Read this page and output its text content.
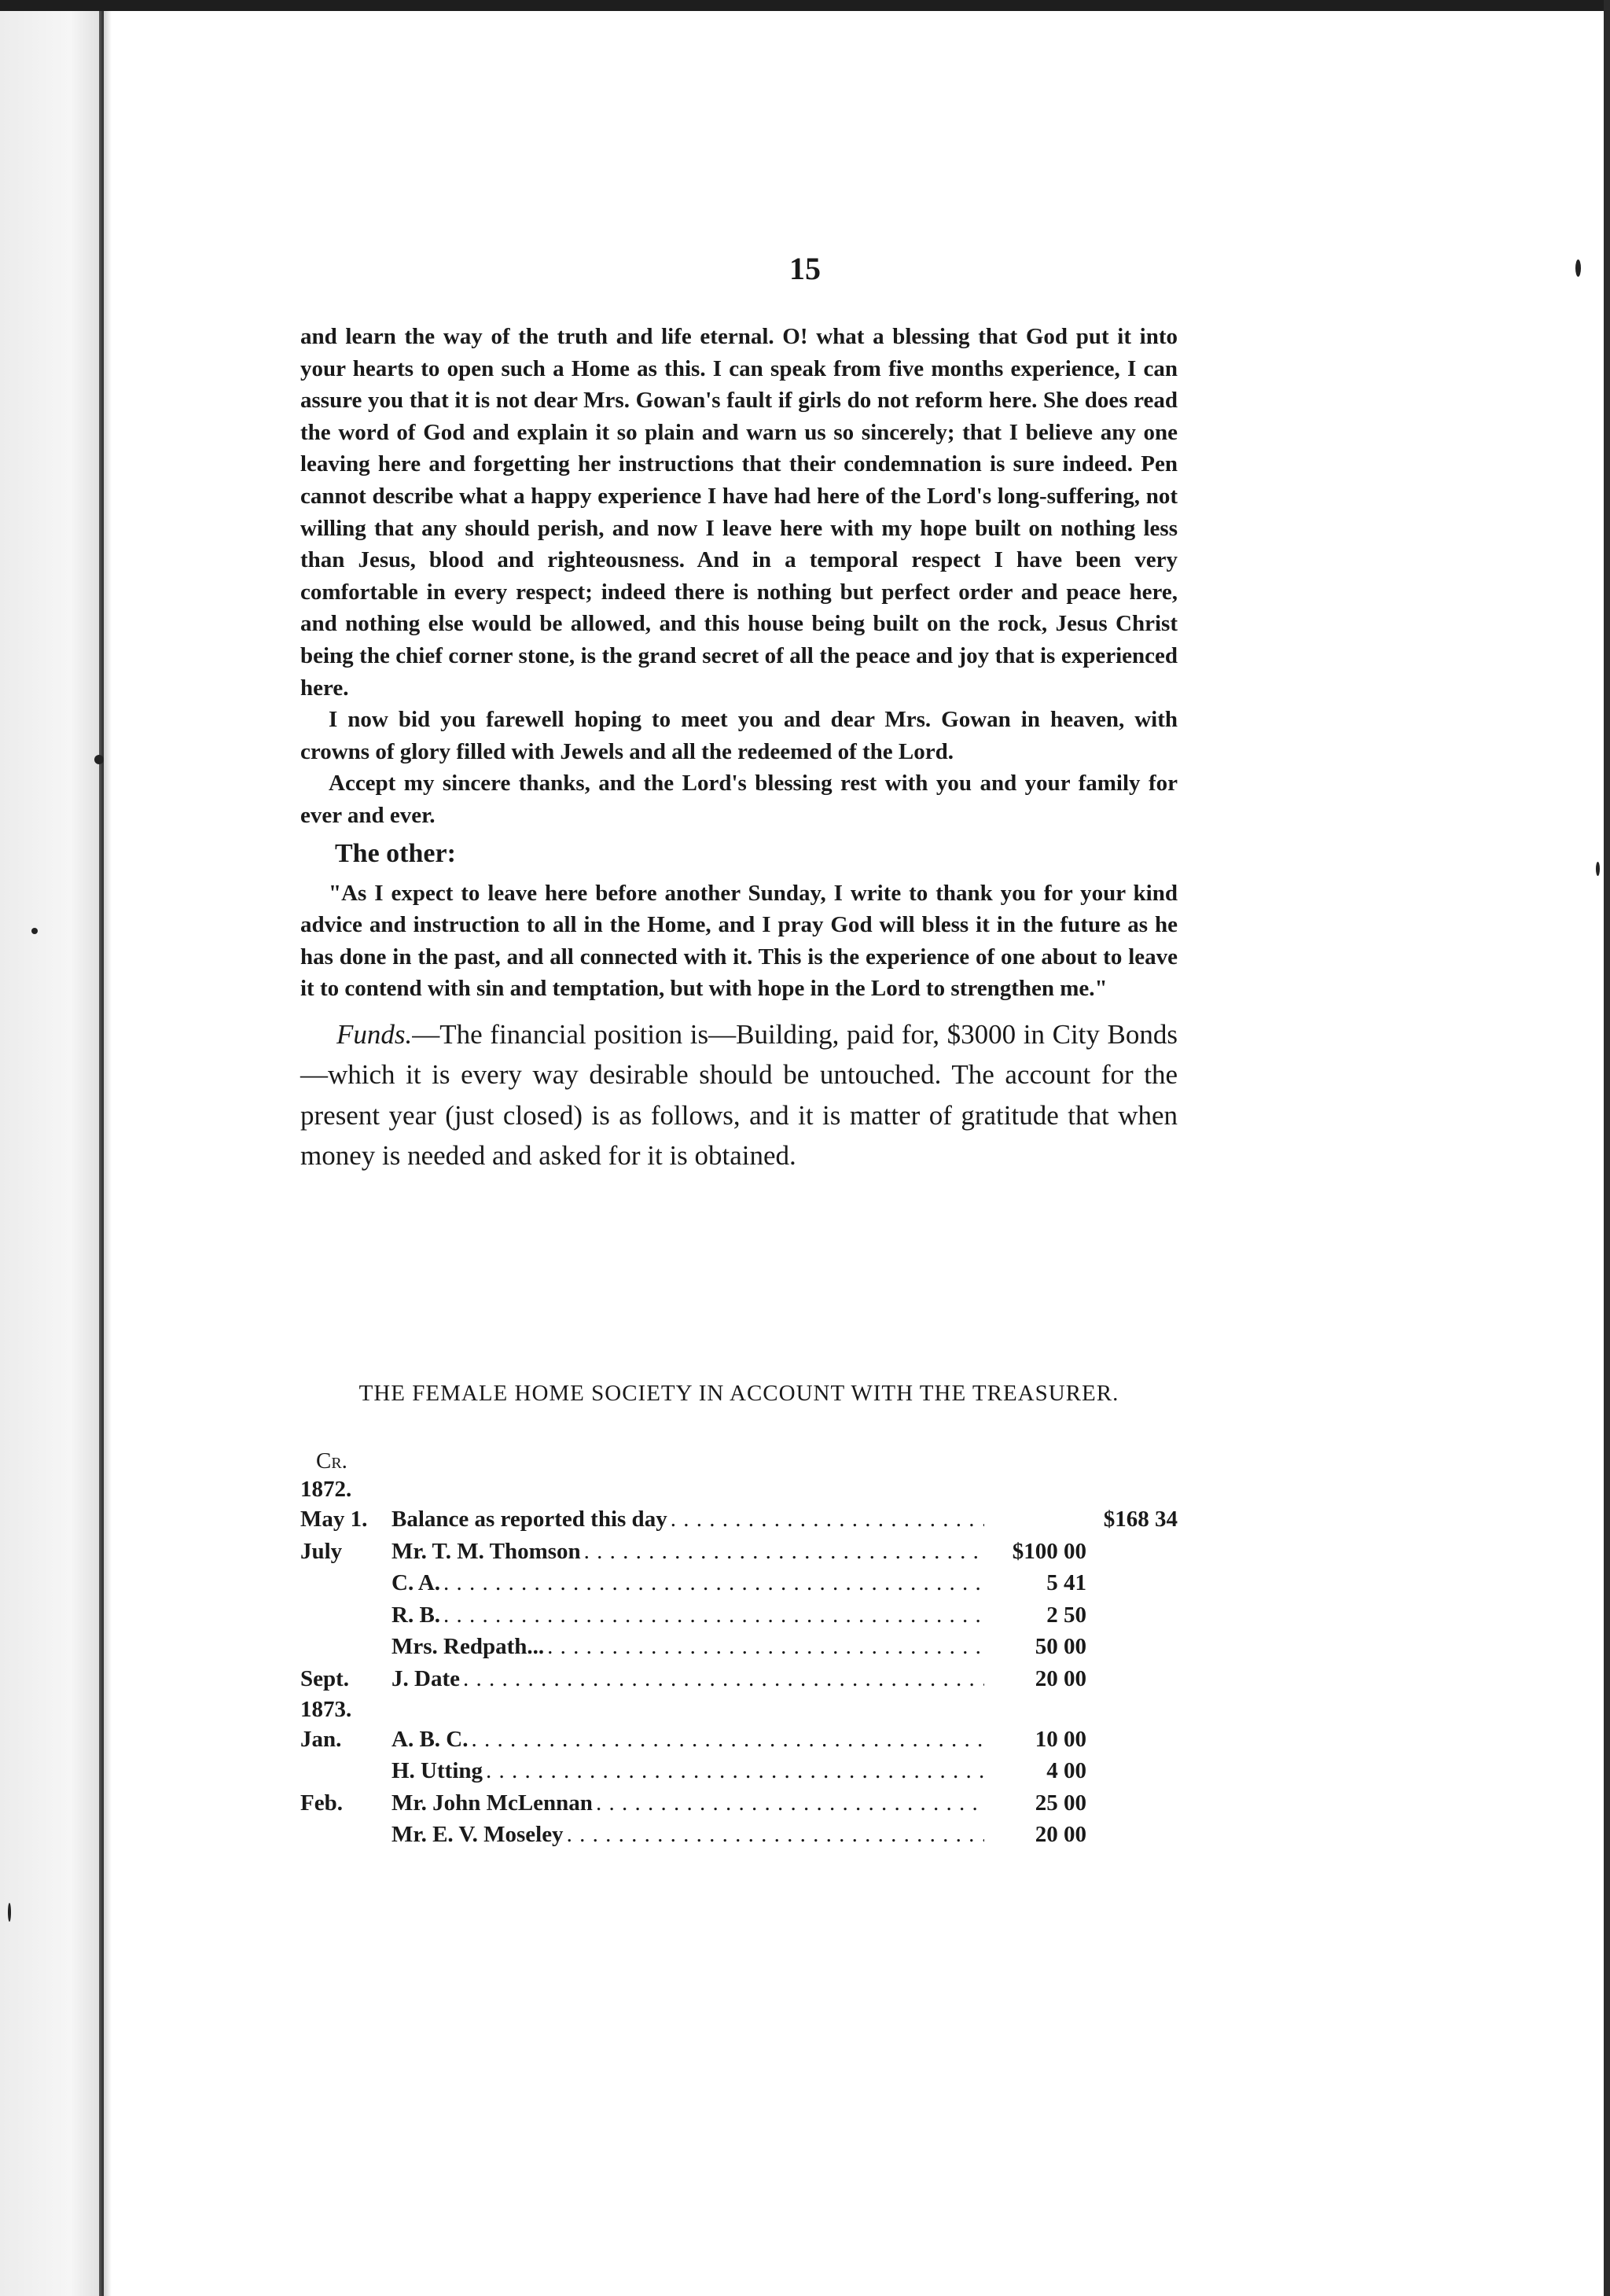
15

and learn the way of the truth and life eternal. O! what a blessing that God put it into your hearts to open such a Home as this. I can speak from five months experience, I can assure you that it is not dear Mrs. Gowan's fault if girls do not reform here. She does read the word of God and explain it so plain and warn us so sincerely; that I believe any one leaving here and forgetting her instructions that their condemnation is sure indeed. Pen cannot describe what a happy experience I have had here of the Lord's long-suffering, not willing that any should perish, and now I leave here with my hope built on nothing less than Jesus, blood and righteousness. And in a temporal respect I have been very comfortable in every respect; indeed there is nothing but perfect order and peace here, and nothing else would be allowed, and this house being built on the rock, Jesus Christ being the chief corner stone, is the grand secret of all the peace and joy that is experienced here.

I now bid you farewell hoping to meet you and dear Mrs. Gowan in heaven, with crowns of glory filled with Jewels and all the redeemed of the Lord.

Accept my sincere thanks, and the Lord's blessing rest with you and your family for ever and ever.

The other:

"As I expect to leave here before another Sunday, I write to thank you for your kind advice and instruction to all in the Home, and I pray God will bless it in the future as he has done in the past, and all connected with it. This is the experience of one about to leave it to contend with sin and temptation, but with hope in the Lord to strengthen me."

Funds.—The financial position is—Building, paid for, $3000 in City Bonds—which it is every way desirable should be untouched. The account for the present year (just closed) is as follows, and it is matter of gratitude that when money is needed and asked for it is obtained.

THE FEMALE HOME SOCIETY IN ACCOUNT WITH THE TREASURER.
Cr.
1872.
May 1.	Balance as reported this day . . .	$168 34
July	Mr. T. M. Thomson . . .	$100 00
C. A. . . .	5 41
R. B. . . .	2 50
Mrs. Redpath... . . .	50 00
Sept.	J. Date . . .	20 00
1873.
Jan.	A. B. C. . . .	10 00
H. Utting . . .	4 00
Feb.	Mr. John McLennan . . .	25 00
Mr. E. V. Moseley . . .	20 00
